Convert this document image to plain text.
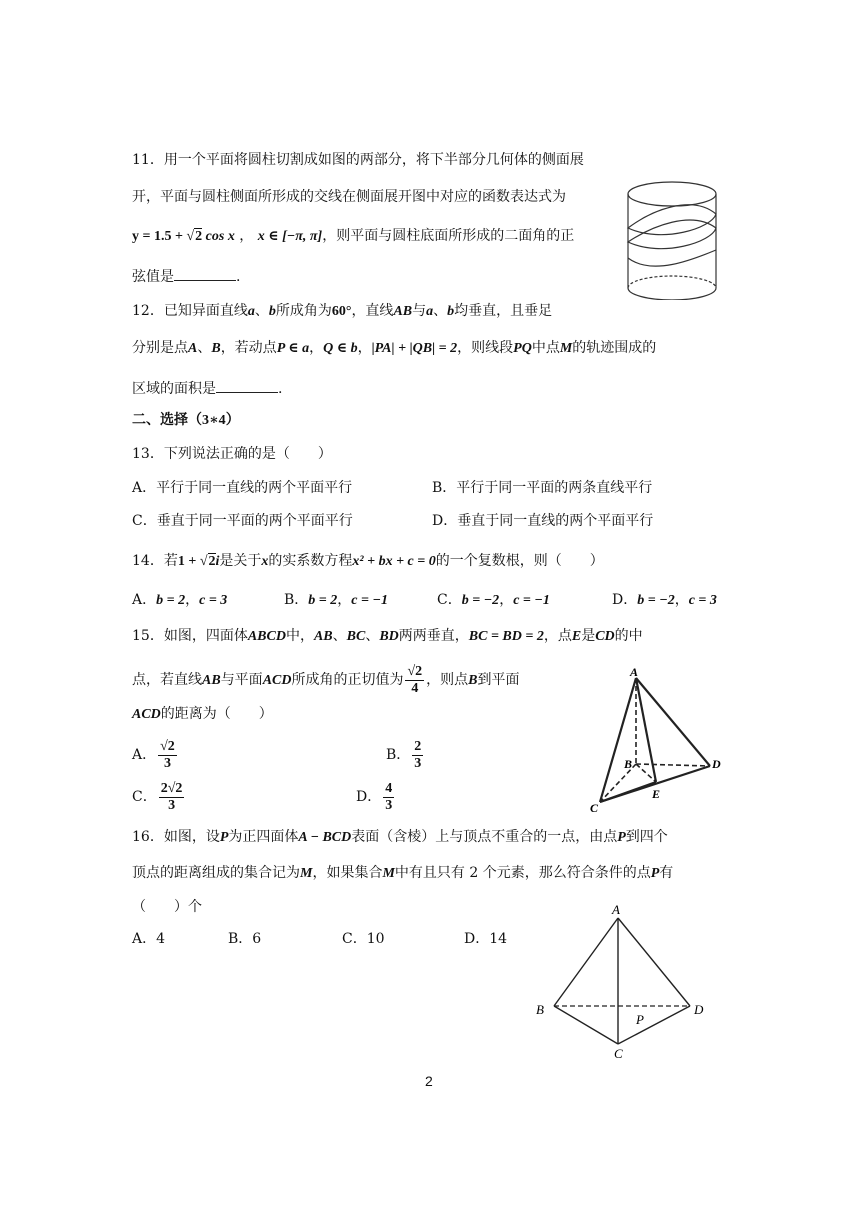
11．用一个平面将圆柱切割成如图的两部分，将下半部分几何体的侧面展
开，平面与圆柱侧面所形成的交线在侧面展开图中对应的函数表达式为
y = 1.5 + √2 cos x ， x ∈ [−π, π]，则平面与圆柱底面所形成的二面角的正
弦值是	.
12．已知异面直线a、b所成角为60°，直线AB与a、b均垂直，且垂足
分别是点A、B，若动点P ∈ a，Q ∈ b，|PA| + |QB| = 2，则线段PQ中点M的轨迹围成的
区域的面积是	.
二、选择（3∗4）
13．下列说法正确的是（　　）
A．平行于同一直线的两个平面平行	B．平行于同一平面的两条直线平行
C．垂直于同一平面的两个平面平行	D．垂直于同一直线的两个平面平行
14．若1 + √2i是关于x的实系数方程x² + bx + c = 0的一个复数根，则（　　）
A．b = 2，c = 3	B．b = 2，c = −1	C．b = −2，c = −1	D．b = −2，c = 3
15．如图，四面体ABCD中，AB、BC、BD两两垂直，BC = BD = 2，点E是CD的中
点，若直线AB与平面ACD所成角的正切值为 $\frac{√2}{4}$ ，则点B到平面
ACD的距离为（　　）
A． $\frac{√2}{3}$	B． $\frac{2}{3}$
C． $\frac{2√2}{3}$	D． $\frac{4}{3}$
A
B
C
D
E
16．如图，设P为正四面体A − BCD表面（含棱）上与顶点不重合的一点，由点P到四个
顶点的距离组成的集合记为M，如果集合M中有且只有 2 个元素，那么符合条件的点P有
（　　）个
A．4	B．6	C．10	D．14
A
B
C
D
P
2
